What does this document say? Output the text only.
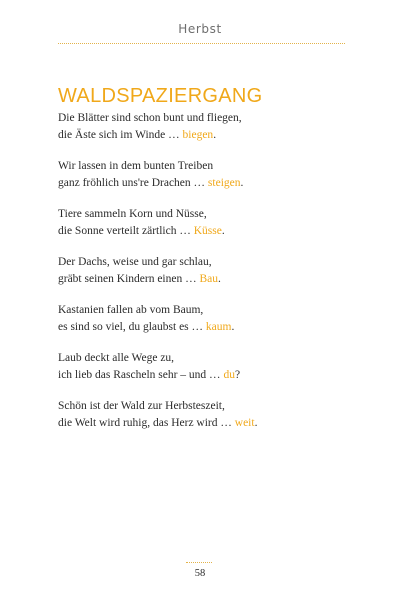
Herbst
WALDSPAZIERGANG

Die Blätter sind schon bunt und fliegen,
die Äste sich im Winde … biegen.

Wir lassen in dem bunten Treiben
ganz fröhlich uns're Drachen … steigen.

Tiere sammeln Korn und Nüsse,
die Sonne verteilt zärtlich … Küsse.

Der Dachs, weise und gar schlau,
gräbt seinen Kindern einen … Bau.

Kastanien fallen ab vom Baum,
es sind so viel, du glaubst es … kaum.

Laub deckt alle Wege zu,
ich lieb das Rascheln sehr – und … du?

Schön ist der Wald zur Herbsteszeit,
die Welt wird ruhig, das Herz wird … weit.

58
